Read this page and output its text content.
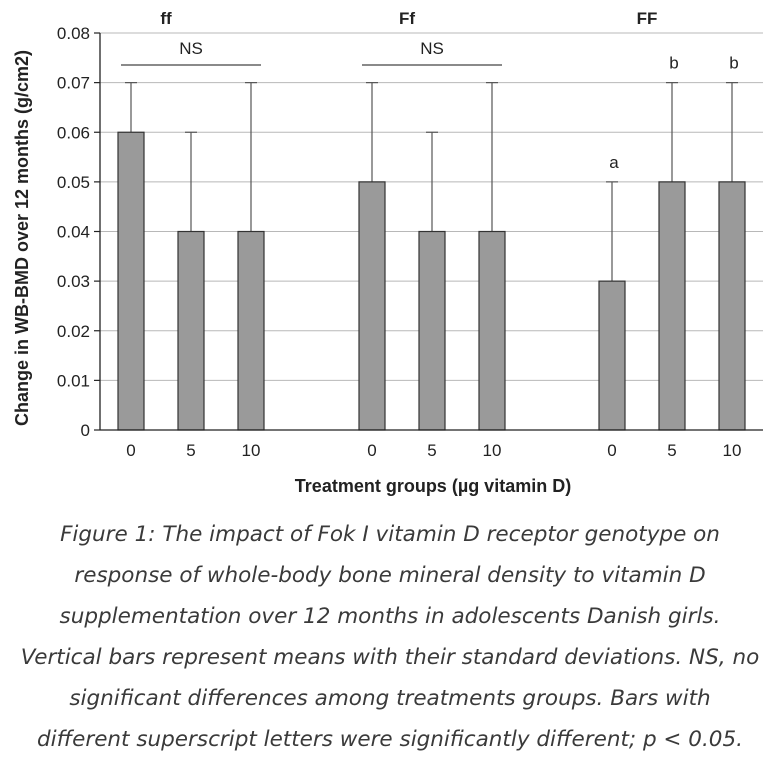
0
0.01
0.02
0.03
0.04
0.05
0.06
0.07
0.08
ff
0	5	10
NS
Ff
0	5	10
NS
FF
0
a
5
b
10
b
Change in WB-BMD over 12 months (g/cm2)
Treatment groups (µg vitamin D)
Figure 1: The impact of Fok I vitamin D receptor genotype on response of whole-body bone mineral density to vitamin D supplementation over 12 months in adolescents Danish girls. Vertical bars represent means with their standard deviations. NS, no significant differences among treatments groups. Bars with different superscript letters were significantly different; p < 0.05.
